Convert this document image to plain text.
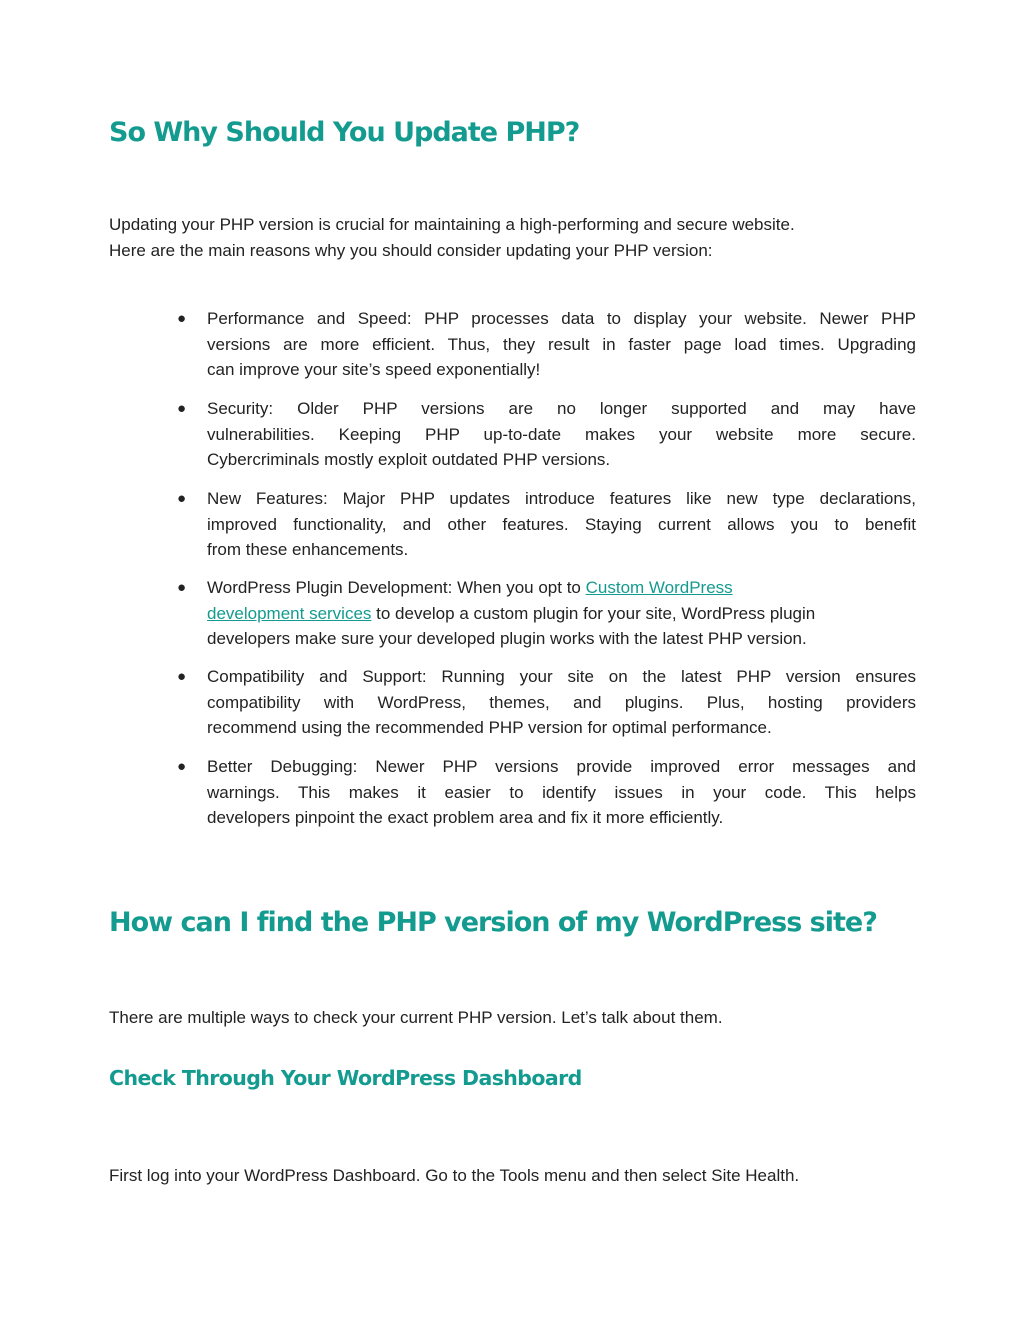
So Why Should You Update PHP?

Updating your PHP version is crucial for maintaining a high-performing and secure website.
Here are the main reasons why you should consider updating your PHP version:

● Performance and Speed: PHP processes data to display your website. Newer PHP
versions are more efficient. Thus, they result in faster page load times. Upgrading
can improve your site’s speed exponentially!

● Security: Older PHP versions are no longer supported and may have
vulnerabilities. Keeping PHP up-to-date makes your website more secure.
Cybercriminals mostly exploit outdated PHP versions.

● New Features: Major PHP updates introduce features like new type declarations,
improved functionality, and other features. Staying current allows you to benefit
from these enhancements.

● WordPress Plugin Development: When you opt to Custom WordPress
development services to develop a custom plugin for your site, WordPress plugin
developers make sure your developed plugin works with the latest PHP version.

● Compatibility and Support: Running your site on the latest PHP version ensures
compatibility with WordPress, themes, and plugins. Plus, hosting providers
recommend using the recommended PHP version for optimal performance.

● Better Debugging: Newer PHP versions provide improved error messages and
warnings. This makes it easier to identify issues in your code. This helps
developers pinpoint the exact problem area and fix it more efficiently.

How can I find the PHP version of my WordPress site?

There are multiple ways to check your current PHP version. Let’s talk about them.

Check Through Your WordPress Dashboard

First log into your WordPress Dashboard. Go to the Tools menu and then select Site Health.
